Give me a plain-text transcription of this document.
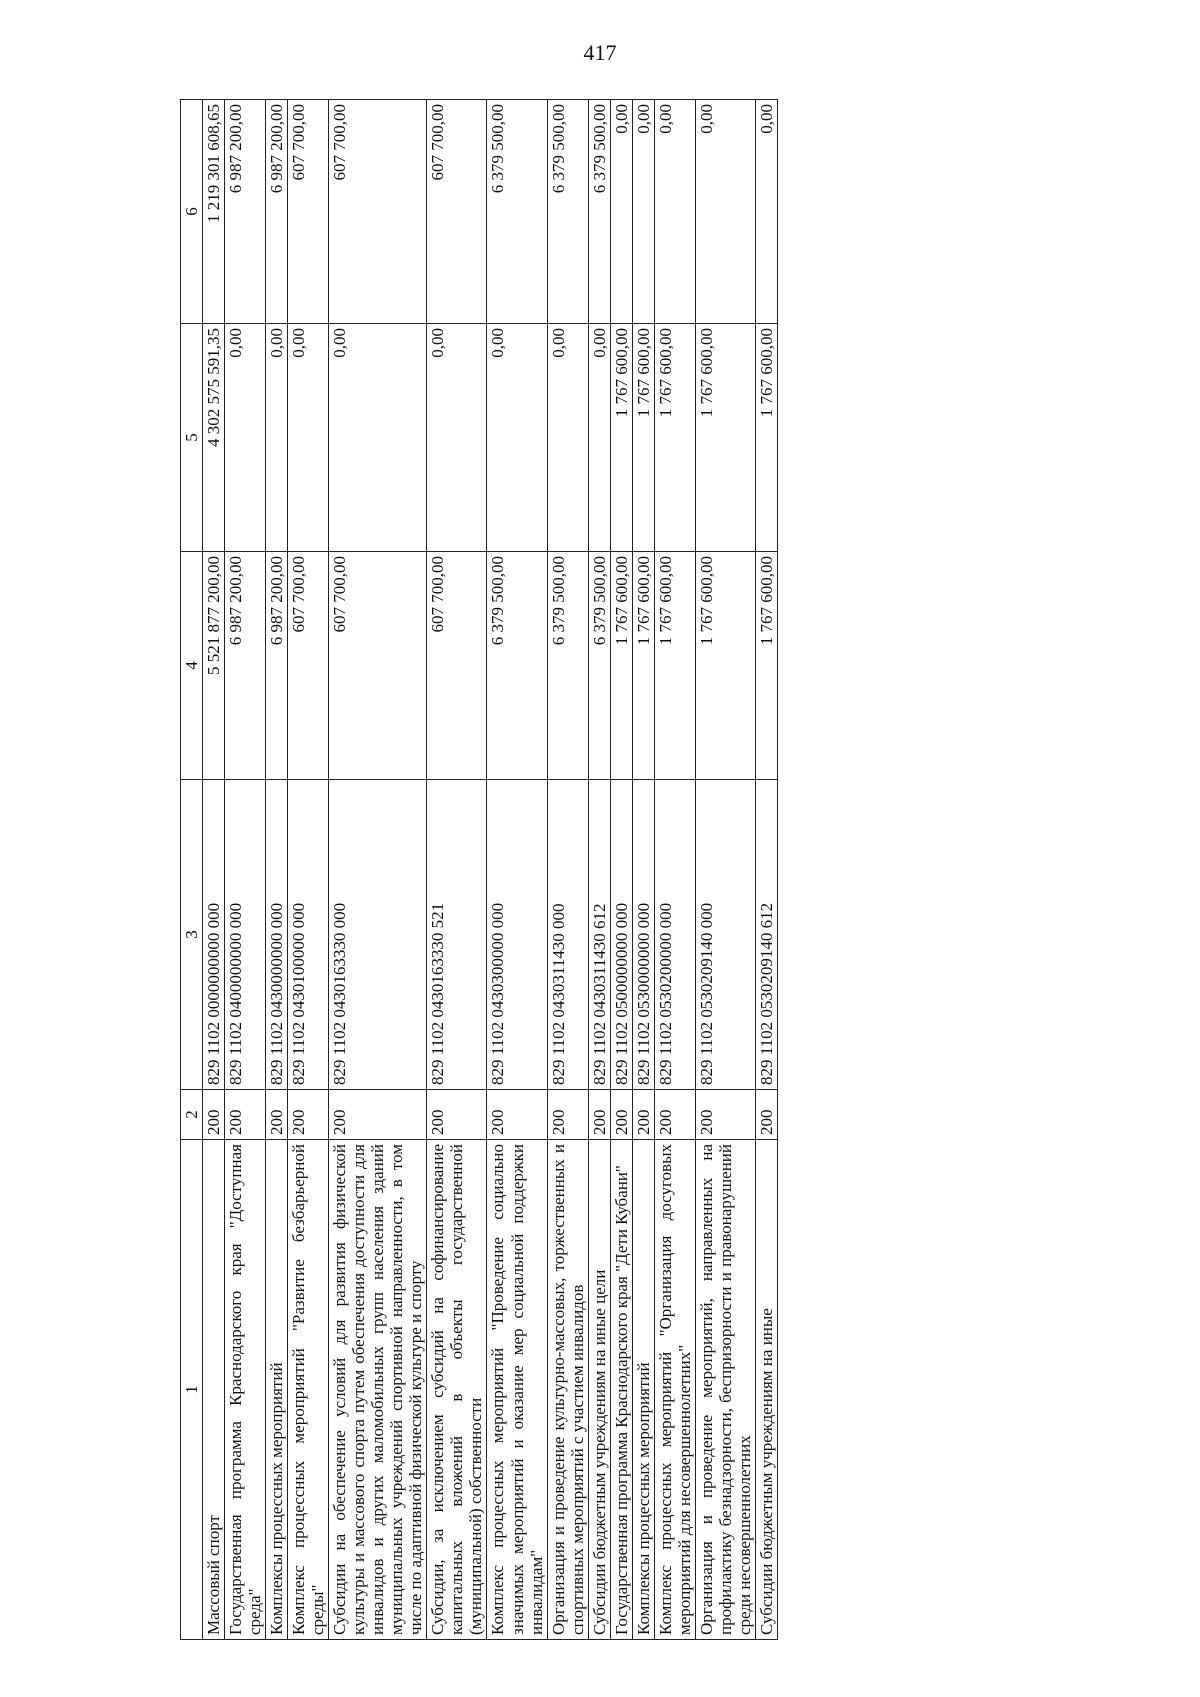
417
1	2	3	4	5	6
Массовый спорт	200	829 1102 0000000000 000	5 521 877 200,00	4 302 575 591,35	1 219 301 608,65
Государственная программа Краснодарского края "Доступная среда"	200	829 1102 0400000000 000	6 987 200,00	0,00	6 987 200,00
Комплексы процессных мероприятий	200	829 1102 0430000000 000	6 987 200,00	0,00	6 987 200,00
Комплекс процессных мероприятий "Развитие безбарьерной среды"	200	829 1102 0430100000 000	607 700,00	0,00	607 700,00
Субсидии на обеспечение условий для развития физической культуры и массового спорта путем обеспечения доступности для инвалидов и других маломобильных групп населения зданий муниципальных учреждений спортивной направленности, в том числе по адаптивной физической культуре и спорту	200	829 1102 0430163330 000	607 700,00	0,00	607 700,00
Субсидии, за исключением субсидий на софинансирование капитальных вложений в объекты государственной (муниципальной) собственности	200	829 1102 0430163330 521	607 700,00	0,00	607 700,00
Комплекс процессных мероприятий "Проведение социально значимых мероприятий и оказание мер социальной поддержки инвалидам"	200	829 1102 0430300000 000	6 379 500,00	0,00	6 379 500,00
Организация и проведение культурно-массовых, торжественных и спортивных мероприятий с участием инвалидов	200	829 1102 0430311430 000	6 379 500,00	0,00	6 379 500,00
Субсидии бюджетным учреждениям на иные цели	200	829 1102 0430311430 612	6 379 500,00	0,00	6 379 500,00
Государственная программа Краснодарского края "Дети Кубани"	200	829 1102 0500000000 000	1 767 600,00	1 767 600,00	0,00
Комплексы процессных мероприятий	200	829 1102 0530000000 000	1 767 600,00	1 767 600,00	0,00
Комплекс процессных мероприятий "Организация досуговых мероприятий для несовершеннолетних"	200	829 1102 0530200000 000	1 767 600,00	1 767 600,00	0,00
Организация и проведение мероприятий, направленных на профилактику безнадзорности, беспризорности и правонарушений среди несовершеннолетних	200	829 1102 0530209140 000	1 767 600,00	1 767 600,00	0,00
Субсидии бюджетным учреждениям на иные	200	829 1102 0530209140 612	1 767 600,00	1 767 600,00	0,00
